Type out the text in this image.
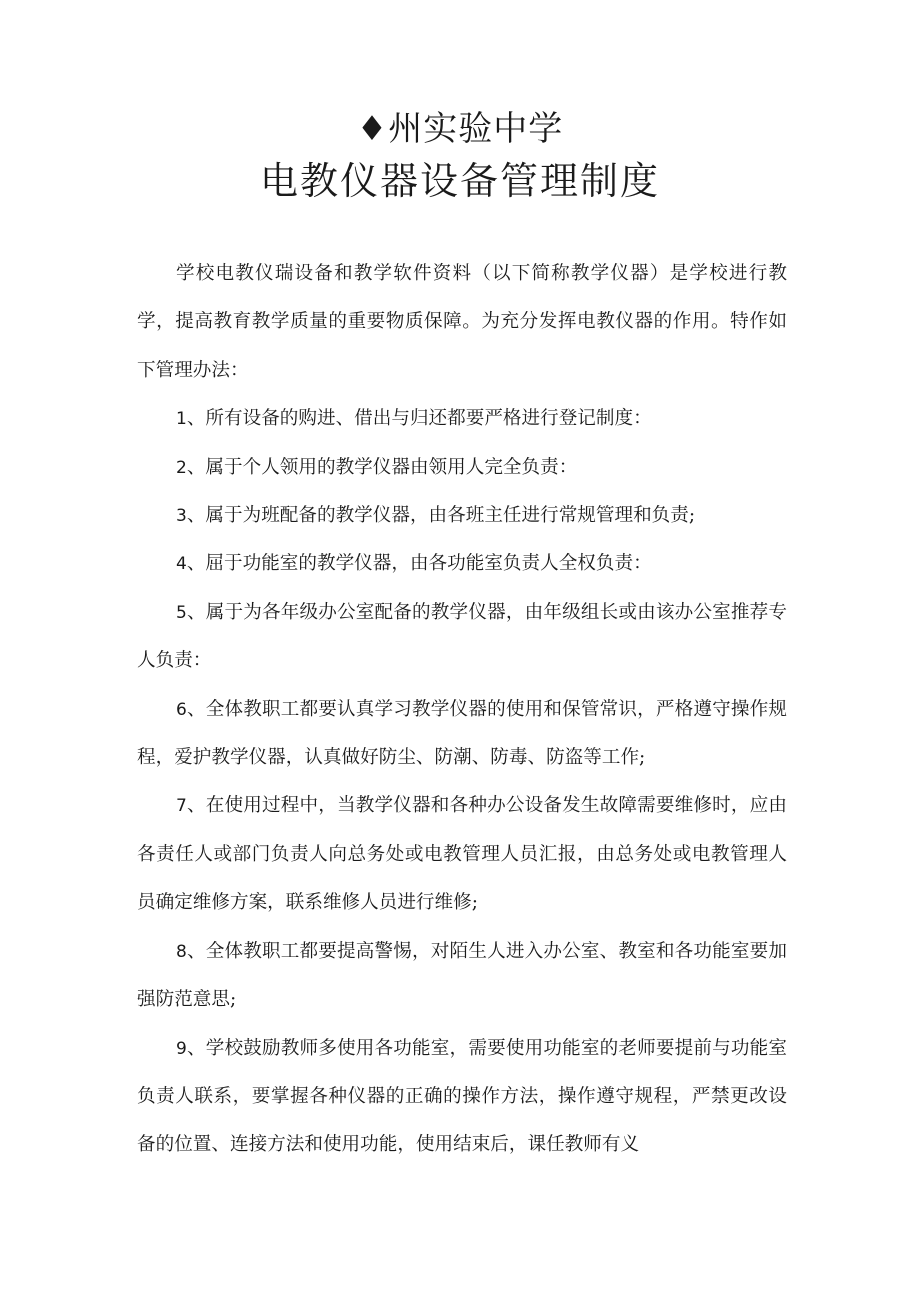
♦州实验中学
电教仪器设备管理制度

学校电教仪瑞设备和教学软件资料（以下简称教学仪器）是学校进行教学，提高教育教学质量的重要物质保障。为充分发挥电教仪器的作用。特作如下管理办法：

1、所有设备的购进、借出与归还都要严格进行登记制度：

2、属于个人领用的教学仪器由领用人完全负责：

3、属于为班配备的教学仪器，由各班主任进行常规管理和负责;

4、屈于功能室的教学仪器，由各功能室负责人全权负责：

5、属于为各年级办公室配备的教学仪器，由年级组长或由该办公室推荐专人负责：

6、全体教职工都要认真学习教学仪器的使用和保管常识，严格遵守操作规程，爱护教学仪器，认真做好防尘、防潮、防毒、防盗等工作;

7、在使用过程中，当教学仪器和各种办公设备发生故障需要维修时，应由各责任人或部门负责人向总务处或电教管理人员汇报，由总务处或电教管理人员确定维修方案，联系维修人员进行维修;

8、全体教职工都要提高警惕，对陌生人进入办公室、教室和各功能室要加强防范意思;

9、学校鼓励教师多使用各功能室，需要使用功能室的老师要提前与功能室负责人联系，要掌握各种仪器的正确的操作方法，操作遵守规程，严禁更改设备的位置、连接方法和使用功能，使用结束后，课任教师有义
